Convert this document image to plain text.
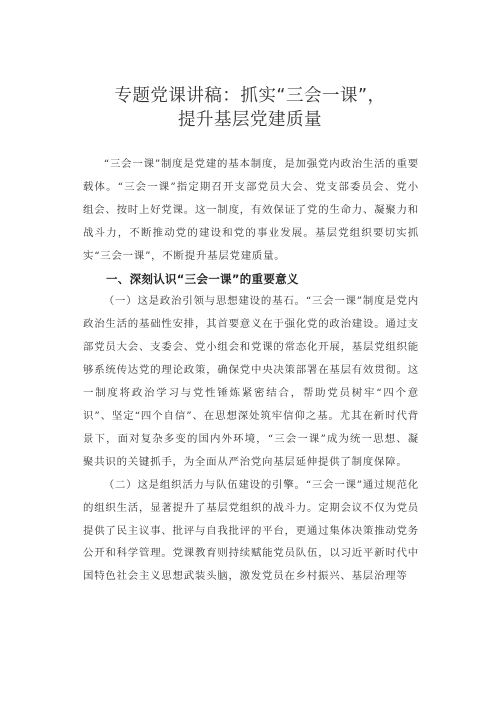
专题党课讲稿：抓实“三会一课”，
提升基层党建质量

“三会一课”制度是党建的基本制度，是加强党内政治生活的重要载体。“三会一课”指定期召开支部党员大会、党支部委员会、党小组会、按时上好党课。这一制度，有效保证了党的生命力、凝聚力和战斗力，不断推动党的建设和党的事业发展。基层党组织要切实抓实“三会一课”，不断提升基层党建质量。

一、深刻认识“三会一课”的重要意义

（一）这是政治引领与思想建设的基石。“三会一课”制度是党内政治生活的基础性安排，其首要意义在于强化党的政治建设。通过支部党员大会、支委会、党小组会和党课的常态化开展，基层党组织能够系统传达党的理论政策，确保党中央决策部署在基层有效贯彻。这一制度将政治学习与党性锤炼紧密结合，帮助党员树牢“四个意识”、坚定“四个自信”、在思想深处筑牢信仰之基。尤其在新时代背景下，面对复杂多变的国内外环境，“三会一课”成为统一思想、凝聚共识的关键抓手，为全面从严治党向基层延伸提供了制度保障。

（二）这是组织活力与队伍建设的引擎。“三会一课”通过规范化的组织生活，显著提升了基层党组织的战斗力。定期会议不仅为党员提供了民主议事、批评与自我批评的平台，更通过集体决策推动党务公开和科学管理。党课教育则持续赋能党员队伍，以习近平新时代中国特色社会主义思想武装头脑，激发党员在乡村振兴、基层治理等
